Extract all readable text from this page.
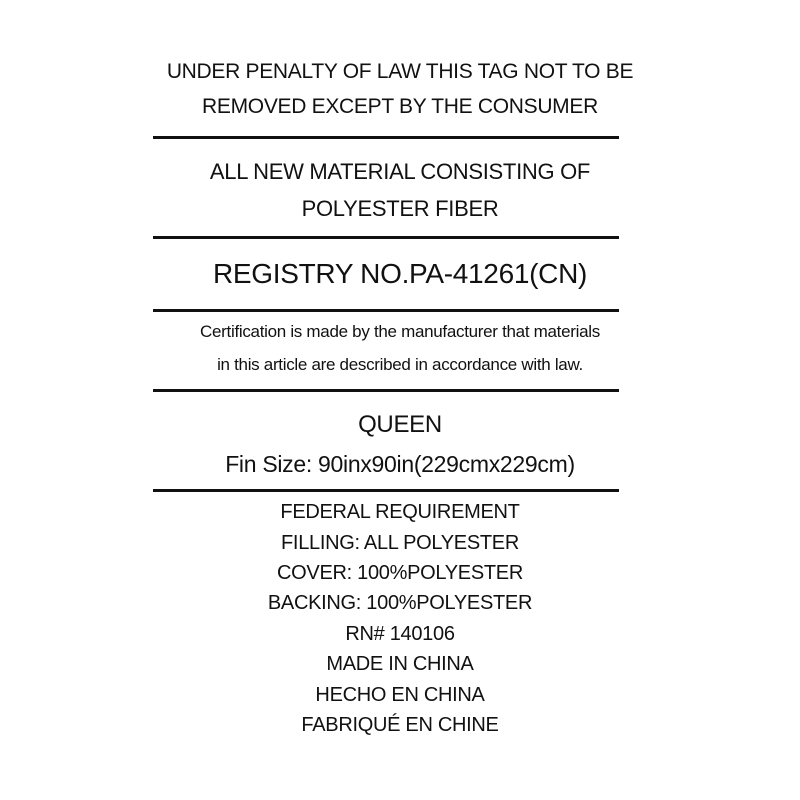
UNDER PENALTY OF LAW THIS TAG NOT TO BE
REMOVED EXCEPT BY THE CONSUMER
ALL NEW MATERIAL CONSISTING OF
POLYESTER FIBER
REGISTRY NO.PA-41261(CN)
Certification is made by the manufacturer that materials
in this article are described in accordance with law.
QUEEN
Fin Size: 90inx90in(229cmx229cm)
FEDERAL REQUIREMENT
FILLING: ALL POLYESTER
COVER: 100%POLYESTER
BACKING: 100%POLYESTER
RN# 140106
MADE IN CHINA
HECHO EN CHINA
FABRIQUÉ EN CHINE
